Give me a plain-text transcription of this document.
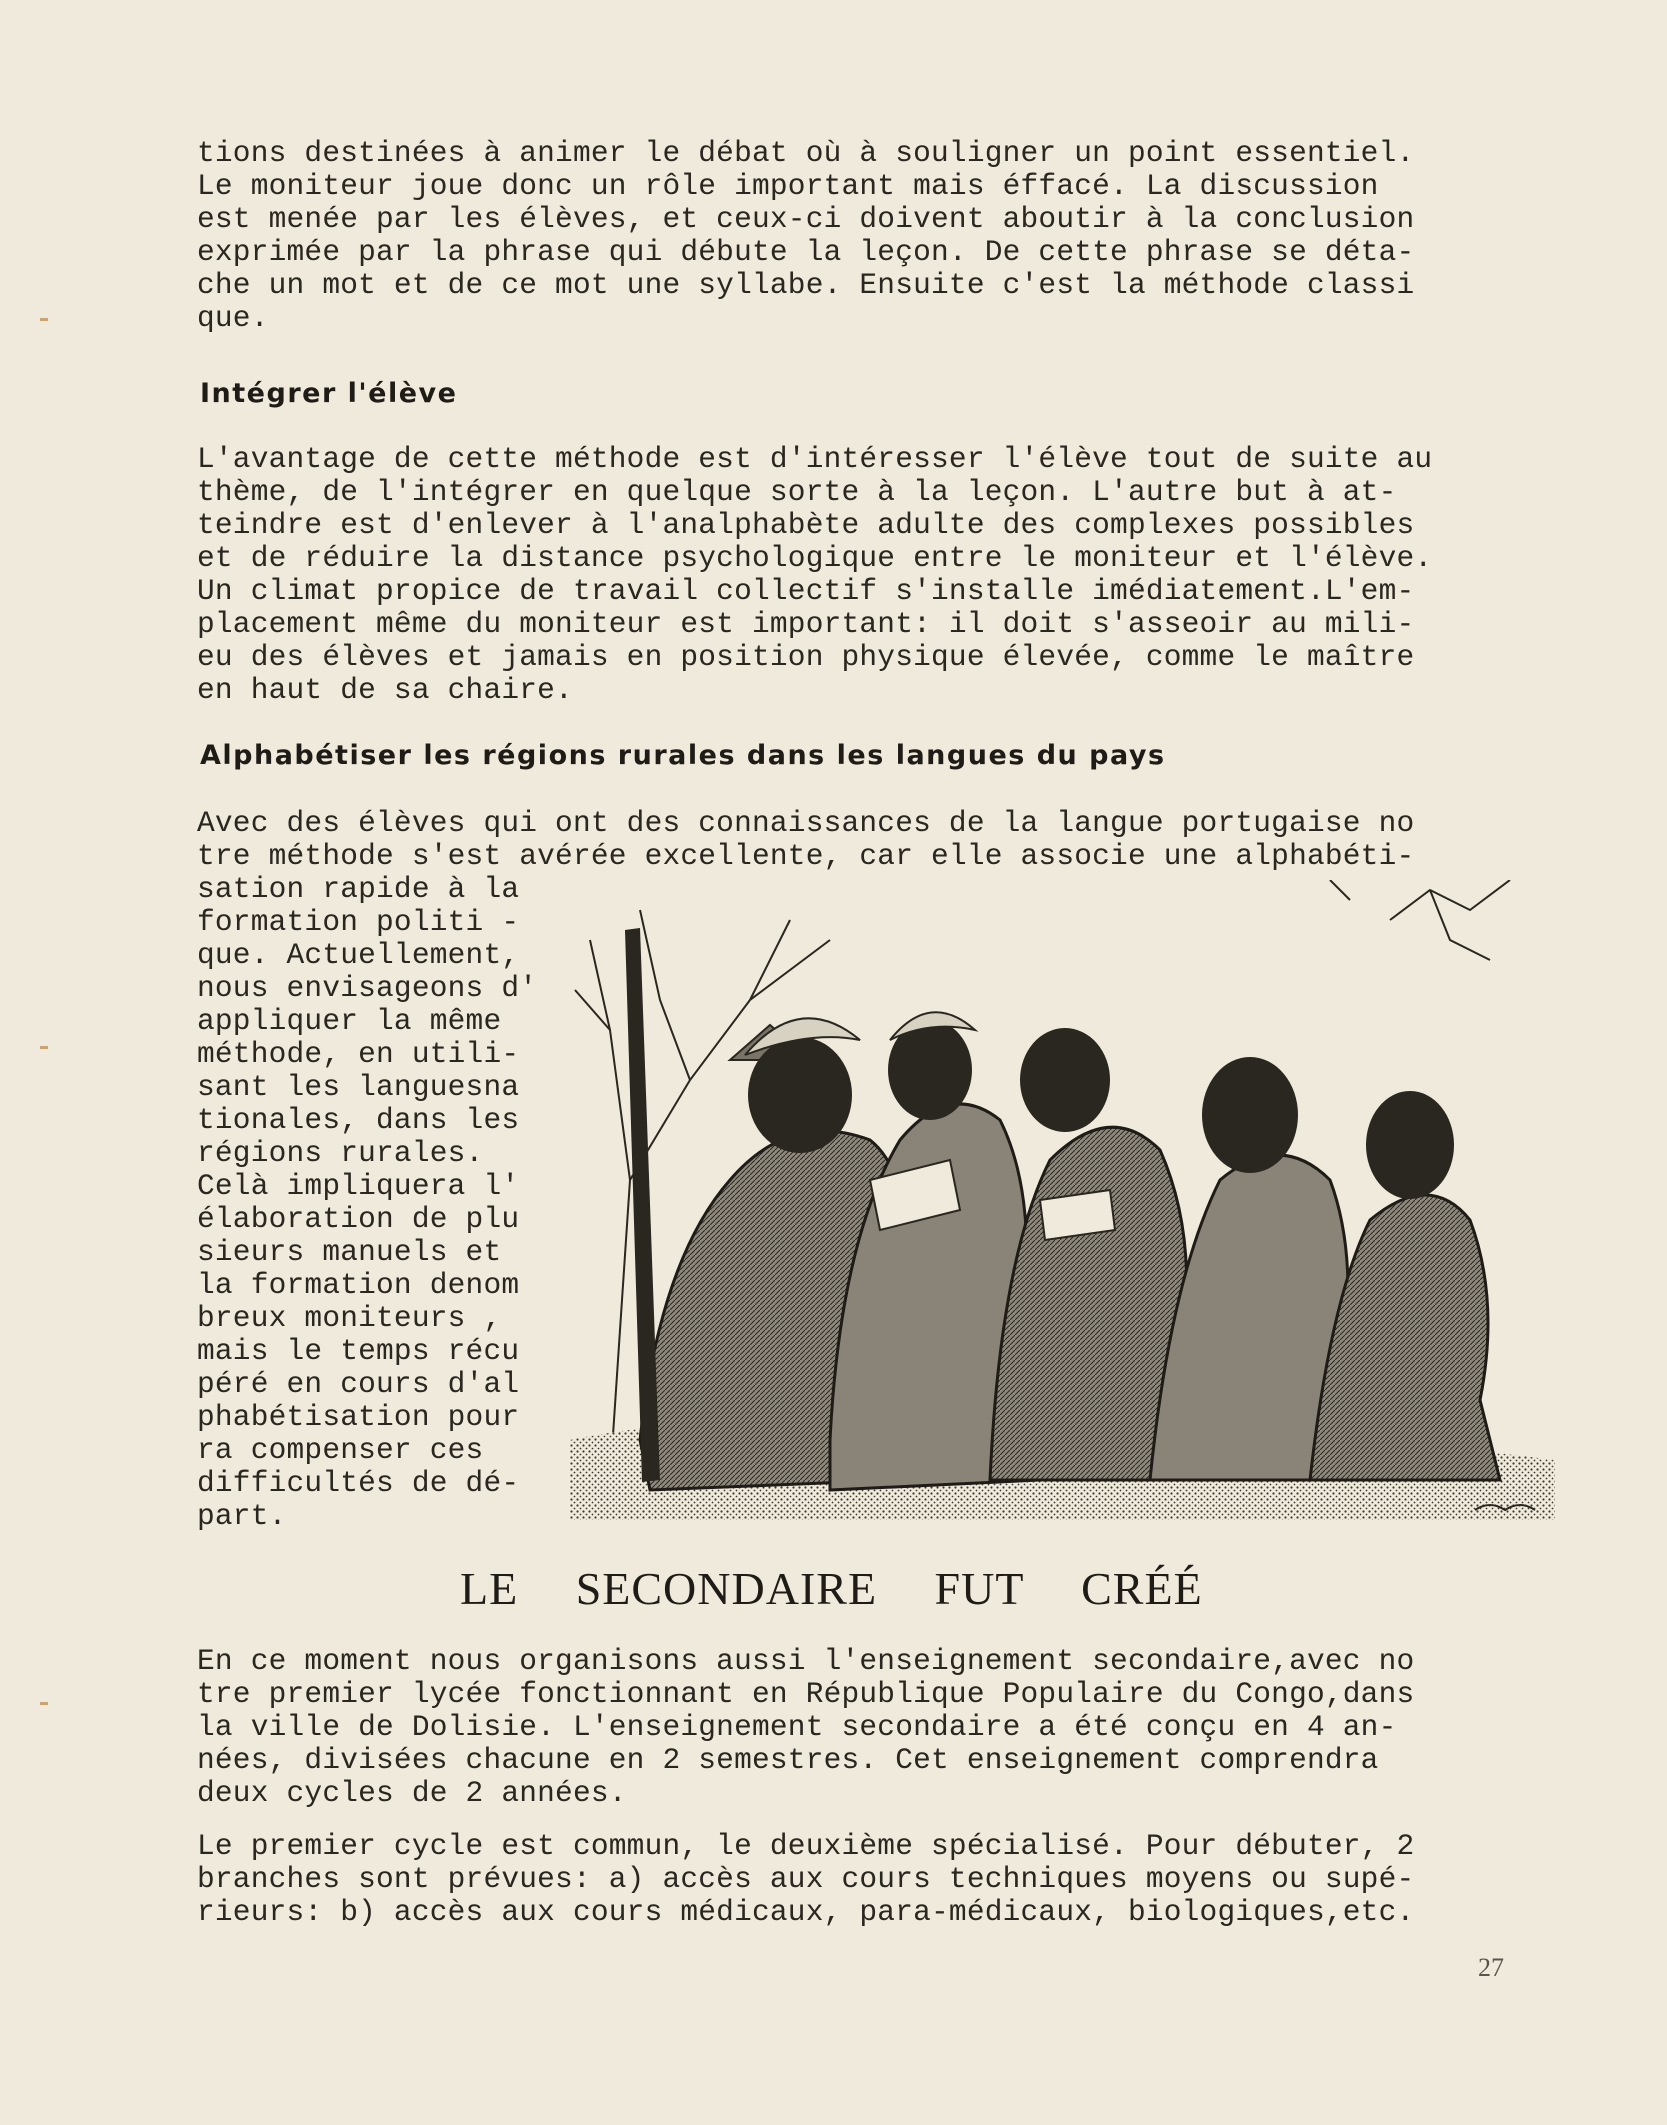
tions destinées à animer le débat où à souligner un point essentiel.
Le moniteur joue donc un rôle important mais éffacé. La discussion
est menée par les élèves, et ceux-ci doivent aboutir à la conclusion
exprimée par la phrase qui débute la leçon. De cette phrase se déta-
che un mot et de ce mot une syllabe. Ensuite c'est la méthode classi
que.
Intégrer l'élève
L'avantage de cette méthode est d'intéresser l'élève tout de suite au
thème, de l'intégrer en quelque sorte à la leçon. L'autre but à at-
teindre est d'enlever à l'analphabète adulte des complexes possibles
et de réduire la distance psychologique entre le moniteur et l'élève.
Un climat propice de travail collectif s'installe imédiatement.L'em-
placement même du moniteur est important: il doit s'asseoir au mili-
eu des élèves et jamais en position physique élevée, comme le maître
en haut de sa chaire.
Alphabétiser les régions rurales dans les langues du pays
Avec des élèves qui ont des connaissances de la langue portugaise no
tre méthode s'est avérée excellente, car elle associe une alphabéti-
sation rapide à la
formation politi -
que. Actuellement,
nous envisageons d'
appliquer la même
méthode, en utili-
sant les languesna
tionales, dans les
régions rurales.
Celà impliquera l'
élaboration de plu
sieurs manuels et
la formation denom
breux moniteurs ,
mais le temps récu
péré en cours d'al
phabétisation pour
ra compenser ces
difficultés de dé-
part.
LE SECONDAIRE FUT CRÉÉ
En ce moment nous organisons aussi l'enseignement secondaire,avec no
tre premier lycée fonctionnant en République Populaire du Congo,dans
la ville de Dolisie. L'enseignement secondaire a été conçu en 4 an-
nées, divisées chacune en 2 semestres. Cet enseignement comprendra
deux cycles de 2 années.
Le premier cycle est commun, le deuxième spécialisé. Pour débuter, 2
branches sont prévues: a) accès aux cours techniques moyens ou supé-
rieurs: b) accès aux cours médicaux, para-médicaux, biologiques,etc.
27
